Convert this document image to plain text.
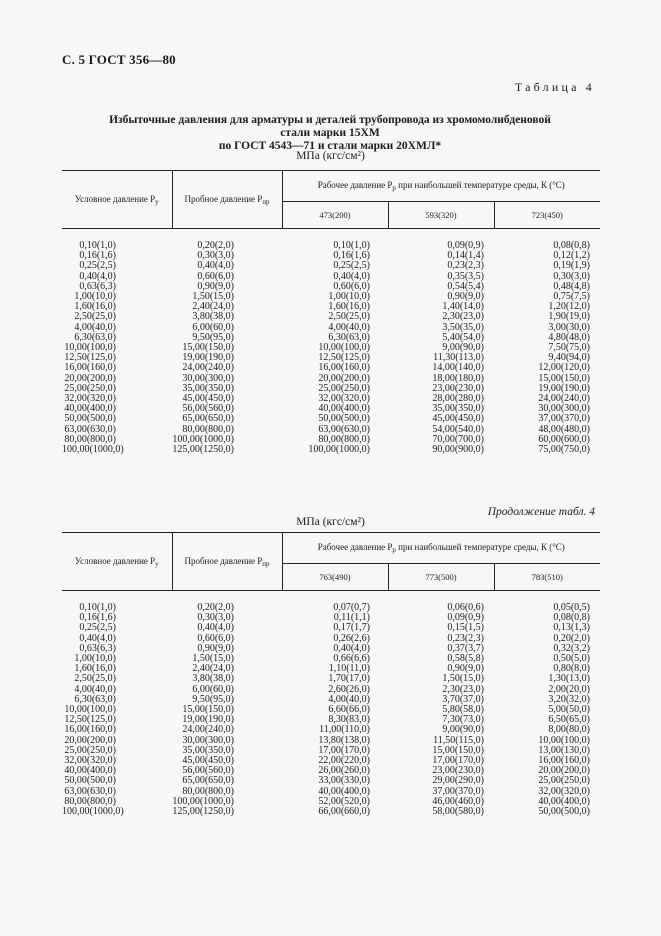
С. 5 ГОСТ 356—80
Таблица 4
Избыточные давления для арматуры и деталей трубопровода из хромомолибденовой стали марки 15ХМ
по ГОСТ 4543—71 и стали марки 20ХМЛ*
МПа (кгс/см²)
Условное давление $P_у$	Пробное давление $P_{пр}$	Рабочее давление $P_р$ при наибольшей температуре среды, К (°С)		
		473(200)	593(320)	723(450)

0,10(1,0)	0,20(2,0)	0,10(1,0)	0,09(0,9)	0,08(0,8)
0,16(1,6)	0,30(3,0)	0,16(1,6)	0,14(1,4)	0,12(1,2)
0,25(2,5)	0,40(4,0)	0,25(2,5)	0,23(2,3)	0,19(1,9)
0,40(4,0)	0,60(6,0)	0,40(4,0)	0,35(3,5)	0,30(3,0)
0,63(6,3)	0,90(9,0)	0,60(6,0)	0,54(5,4)	0,48(4,8)
1,00(10,0)	1,50(15,0)	1,00(10,0)	0,90(9,0)	0,75(7,5)
1,60(16,0)	2,40(24,0)	1,60(16,0)	1,40(14,0)	1,20(12,0)
2,50(25,0)	3,80(38,0)	2,50(25,0)	2,30(23,0)	1,90(19,0)
4,00(40,0)	6,00(60,0)	4,00(40,0)	3,50(35,0)	3,00(30,0)
6,30(63,0)	9,50(95,0)	6,30(63,0)	5,40(54,0)	4,80(48,0)
10,00(100,0)	15,00(150,0)	10,00(100,0)	9,00(90,0)	7,50(75,0)
12,50(125,0)	19,00(190,0)	12,50(125,0)	11,30(113,0)	9,40(94,0)
16,00(160,0)	24,00(240,0)	16,00(160,0)	14,00(140,0)	12,00(120,0)
20,00(200,0)	30,00(300,0)	20,00(200,0)	18,00(180,0)	15,00(150,0)
25,00(250,0)	35,00(350,0)	25,00(250,0)	23,00(230,0)	19,00(190,0)
32,00(320,0)	45,00(450,0)	32,00(320,0)	28,00(280,0)	24,00(240,0)
40,00(400,0)	56,00(560,0)	40,00(400,0)	35,00(350,0)	30,00(300,0)
50,00(500,0)	65,00(650,0)	50,00(500,0)	45,00(450,0)	37,00(370,0)
63,00(630,0)	80,00(800,0)	63,00(630,0)	54,00(540,0)	48,00(480,0)
80,00(800,0)	100,00(1000,0)	80,00(800,0)	70,00(700,0)	60,00(600,0)
100,00(1000,0)	125,00(1250,0)	100,00(1000,0)	90,00(900,0)	75,00(750,0)
Продолжение табл. 4
МПа (кгс/см²)
Условное давление $P_у$	Пробное давление $P_{пр}$	Рабочее давление $P_р$ при наибольшей температуре среды, К (°С)		
		763(490)	773(500)	783(510)

0,10(1,0)	0,20(2,0)	0,07(0,7)	0,06(0,6)	0,05(0,5)
0,16(1,6)	0,30(3,0)	0,11(1,1)	0,09(0,9)	0,08(0,8)
0,25(2,5)	0,40(4,0)	0,17(1,7)	0,15(1,5)	0,13(1,3)
0,40(4,0)	0,60(6,0)	0,26(2,6)	0,23(2,3)	0,20(2,0)
0,63(6,3)	0,90(9,0)	0,40(4,0)	0,37(3,7)	0,32(3,2)
1,00(10,0)	1,50(15,0)	0,66(6,6)	0,58(5,8)	0,50(5,0)
1,60(16,0)	2,40(24,0)	1,10(11,0)	0,90(9,0)	0,80(8,0)
2,50(25,0)	3,80(38,0)	1,70(17,0)	1,50(15,0)	1,30(13,0)
4,00(40,0)	6,00(60,0)	2,60(26,0)	2,30(23,0)	2,00(20,0)
6,30(63,0)	9,50(95,0)	4,00(40,0)	3,70(37,0)	3,20(32,0)
10,00(100,0)	15,00(150,0)	6,60(66,0)	5,80(58,0)	5,00(50,0)
12,50(125,0)	19,00(190,0)	8,30(83,0)	7,30(73,0)	6,50(65,0)
16,00(160,0)	24,00(240,0)	11,00(110,0)	9,00(90,0)	8,00(80,0)
20,00(200,0)	30,00(300,0)	13,80(138,0)	11,50(115,0)	10,00(100,0)
25,00(250,0)	35,00(350,0)	17,00(170,0)	15,00(150,0)	13,00(130,0)
32,00(320,0)	45,00(450,0)	22,00(220,0)	17,00(170,0)	16,00(160,0)
40,00(400,0)	56,00(560,0)	26,00(260,0)	23,00(230,0)	20,00(200,0)
50,00(500,0)	65,00(650,0)	33,00(330,0)	29,00(290,0)	25,00(250,0)
63,00(630,0)	80,00(800,0)	40,00(400,0)	37,00(370,0)	32,00(320,0)
80,00(800,0)	100,00(1000,0)	52,00(520,0)	46,00(460,0)	40,00(400,0)
100,00(1000,0)	125,00(1250,0)	66,00(660,0)	58,00(580,0)	50,00(500,0)
